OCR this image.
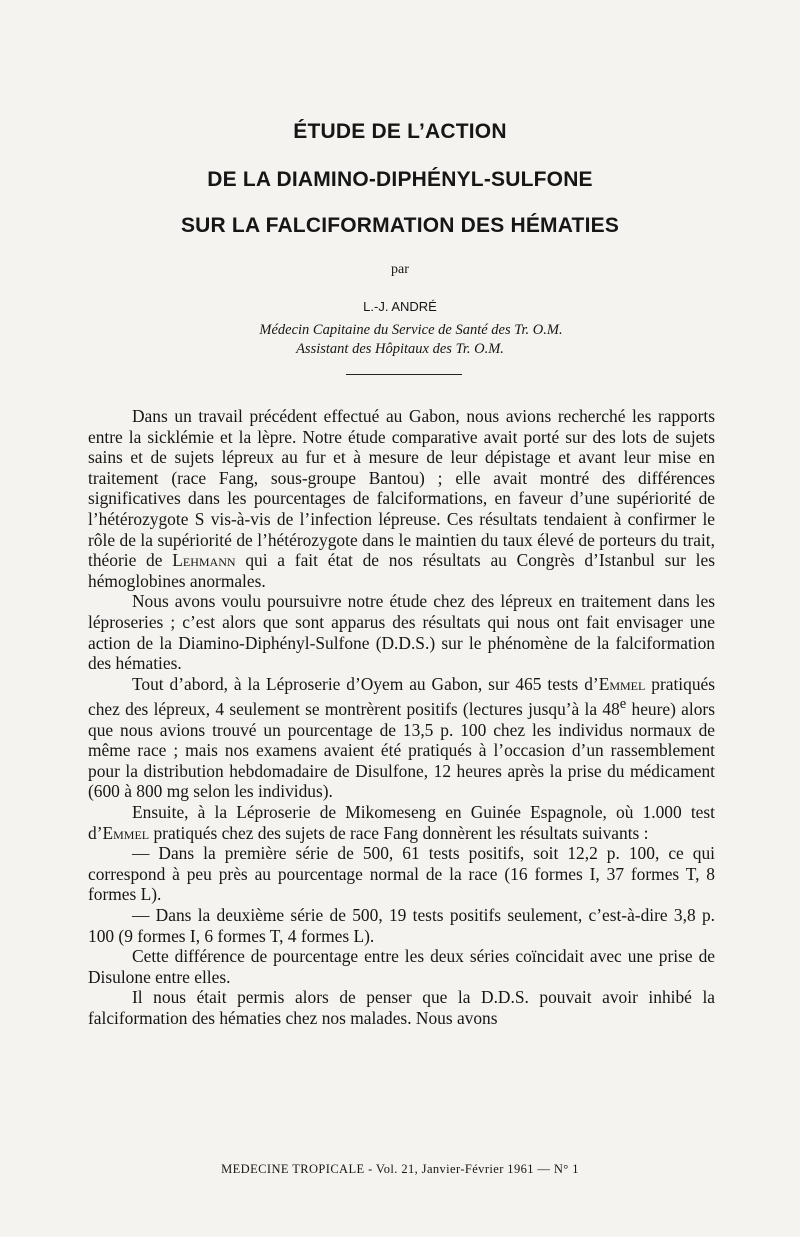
ÉTUDE DE L’ACTION
DE LA DIAMINO-DIPHÉNYL-SULFONE
SUR LA FALCIFORMATION DES HÉMATIES
par
L.-J. ANDRÉ
Médecin Capitaine du Service de Santé des Tr. O.M.
Assistant des Hôpitaux des Tr. O.M.

Dans un travail précédent effectué au Gabon, nous avions recherché les rapports entre la sicklémie et la lèpre. Notre étude comparative avait porté sur des lots de sujets sains et de sujets lépreux au fur et à mesure de leur dépistage et avant leur mise en traitement (race Fang, sous-groupe Bantou) ; elle avait montré des différences significatives dans les pourcentages de falciformations, en faveur d’une supériorité de l’hétérozygote S vis-à-vis de l’infection lépreuse. Ces résultats tendaient à confirmer le rôle de la supériorité de l’hétérozygote dans le maintien du taux élevé de porteurs du trait, théorie de Lehmann qui a fait état de nos résultats au Congrès d’Istanbul sur les hémoglobines anormales.

Nous avons voulu poursuivre notre étude chez des lépreux en traitement dans les léproseries ; c’est alors que sont apparus des résultats qui nous ont fait envisager une action de la Diamino-Diphényl-Sulfone (D.D.S.) sur le phénomène de la falciformation des hématies.

Tout d’abord, à la Léproserie d’Oyem au Gabon, sur 465 tests d’Emmel pratiqués chez des lépreux, 4 seulement se montrèrent positifs (lectures jusqu’à la 48e heure) alors que nous avions trouvé un pourcentage de 13,5 p. 100 chez les individus normaux de même race ; mais nos examens avaient été pratiqués à l’occasion d’un rassemblement pour la distribution hebdomadaire de Disulfone, 12 heures après la prise du médicament (600 à 800 mg selon les individus).

Ensuite, à la Léproserie de Mikomeseng en Guinée Espagnole, où 1.000 test d’Emmel pratiqués chez des sujets de race Fang donnèrent les résultats suivants :

— Dans la première série de 500, 61 tests positifs, soit 12,2 p. 100, ce qui correspond à peu près au pourcentage normal de la race (16 formes I, 37 formes T, 8 formes L).

— Dans la deuxième série de 500, 19 tests positifs seulement, c’est-à-dire 3,8 p. 100 (9 formes I, 6 formes T, 4 formes L).

Cette différence de pourcentage entre les deux séries coïncidait avec une prise de Disulone entre elles.

Il nous était permis alors de penser que la D.D.S. pouvait avoir inhibé la falciformation des hématies chez nos malades. Nous avons

MEDECINE TROPICALE - Vol. 21, Janvier-Février 1961 — N° 1
